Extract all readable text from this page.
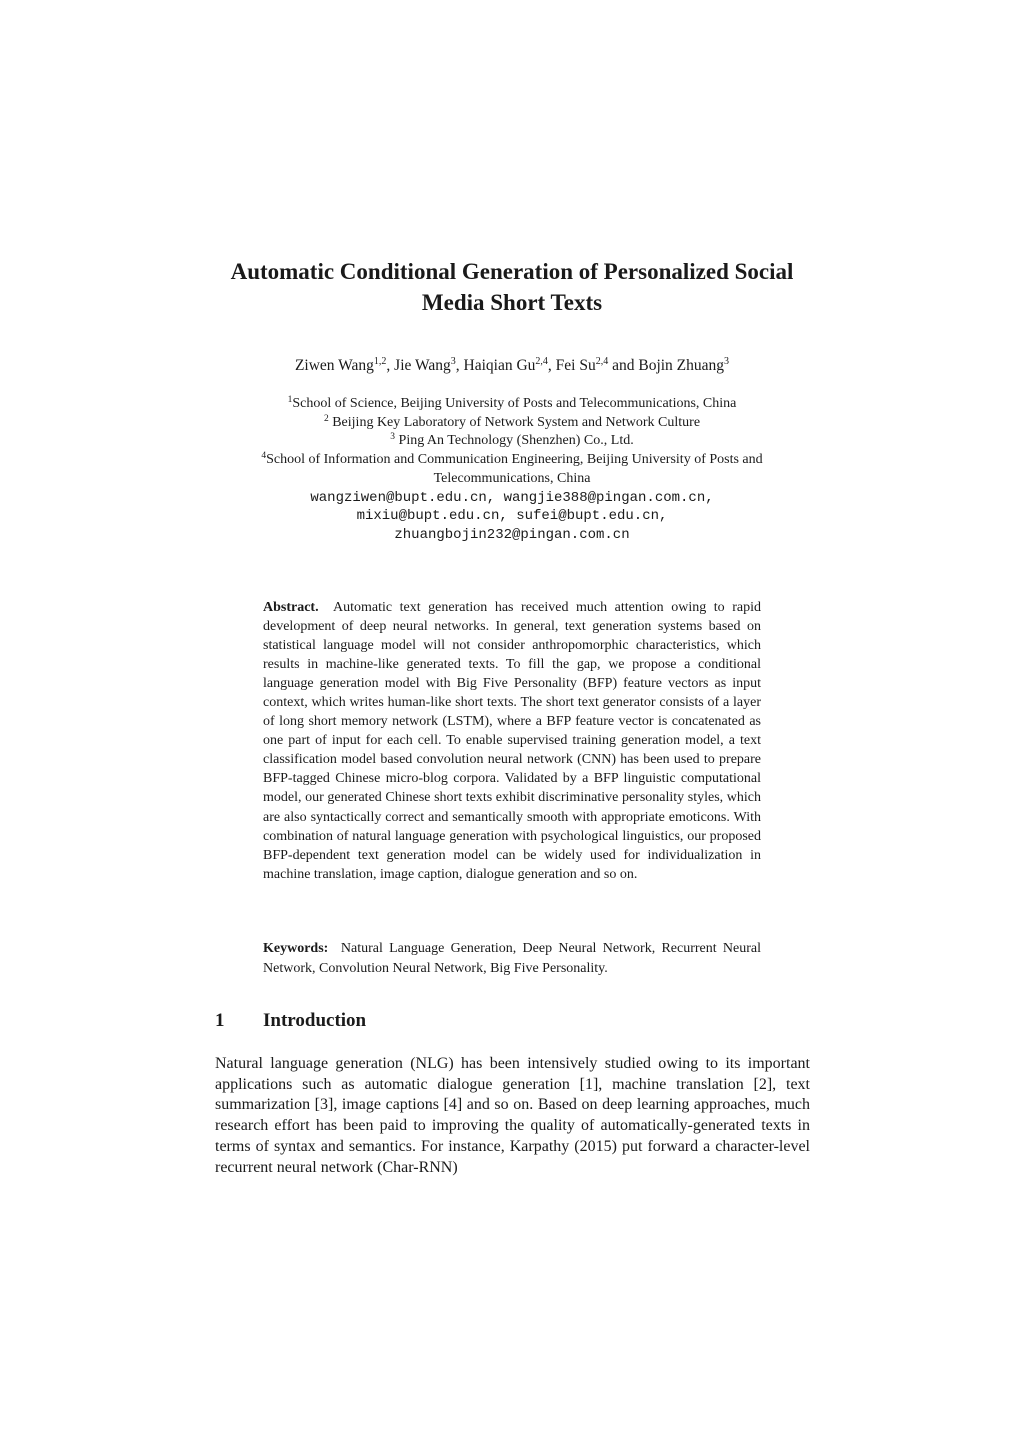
Automatic Conditional Generation of Personalized Social
Media Short Texts

Ziwen Wang$^{1,2}$, Jie Wang$^3$, Haiqian Gu$^{2,4}$, Fei Su$^{2,4}$ and Bojin Zhuang$^3$

$^1$School of Science, Beijing University of Posts and Telecommunications, China
$^2$ Beijing Key Laboratory of Network System and Network Culture
$^3$ Ping An Technology (Shenzhen) Co., Ltd.
$^4$School of Information and Communication Engineering, Beijing University of Posts and
Telecommunications, China
wangziwen@bupt.edu.cn, wangjie388@pingan.com.cn,
mixiu@bupt.edu.cn, sufei@bupt.edu.cn,
zhuangbojin232@pingan.com.cn

Abstract. Automatic text generation has received much attention owing to rapid development of deep neural networks. In general, text generation systems based on statistical language model will not consider anthropomorphic characteristics, which results in machine-like generated texts. To fill the gap, we propose a conditional language generation model with Big Five Personality (BFP) feature vectors as input context, which writes human-like short texts. The short text generator consists of a layer of long short memory network (LSTM), where a BFP feature vector is concatenated as one part of input for each cell. To enable supervised training generation model, a text classification model based convolution neural network (CNN) has been used to prepare BFP-tagged Chinese micro-blog corpora. Validated by a BFP linguistic computational model, our generated Chinese short texts exhibit discriminative personality styles, which are also syntactically correct and semantically smooth with appropriate emoticons. With combination of natural language generation with psychological linguistics, our proposed BFP-dependent text generation model can be widely used for individualization in machine translation, image caption, dialogue generation and so on.

Keywords: Natural Language Generation, Deep Neural Network, Recurrent Neural Network, Convolution Neural Network, Big Five Personality.

1 Introduction

Natural language generation (NLG) has been intensively studied owing to its important applications such as automatic dialogue generation [1], machine translation [2], text summarization [3], image captions [4] and so on. Based on deep learning approaches, much research effort has been paid to improving the quality of automatically-generated texts in terms of syntax and semantics. For instance, Karpathy (2015) put forward a character-level recurrent neural network (Char-RNN)
